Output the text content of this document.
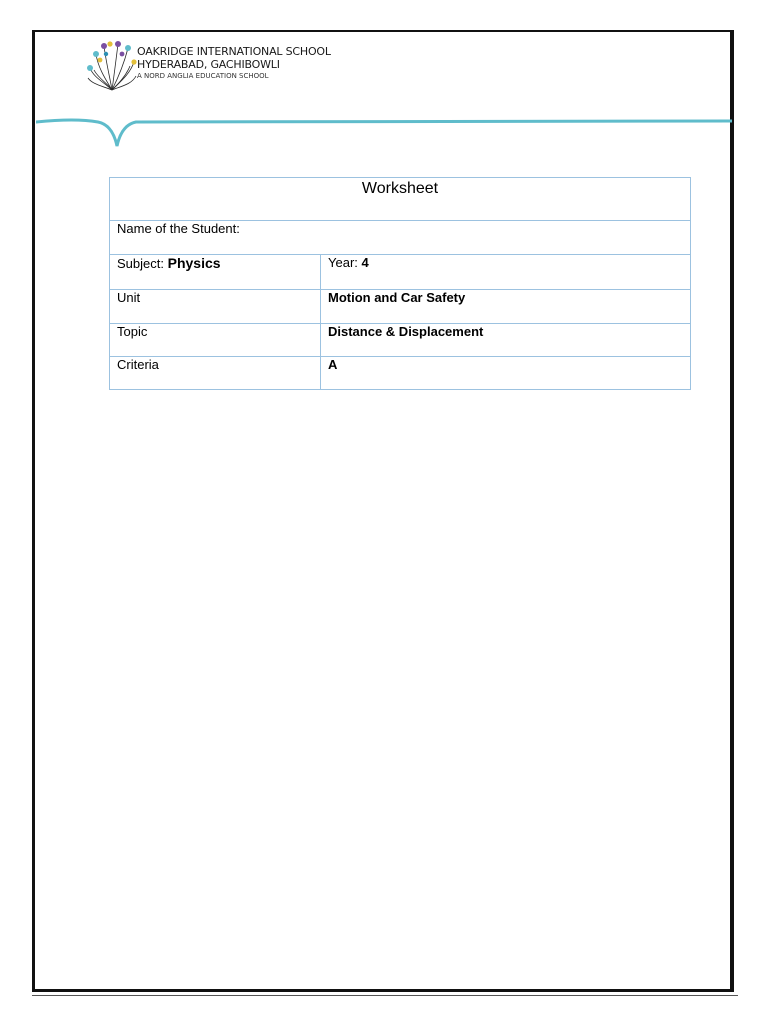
OAKRIDGE INTERNATIONAL SCHOOL
HYDERABAD, GACHIBOWLI
A NORD ANGLIA EDUCATION SCHOOL
Worksheet	
Name of the Student:	
Subject: Physics	Year: 4
Unit	Motion and Car Safety
Topic	Distance & Displacement
Criteria	A
